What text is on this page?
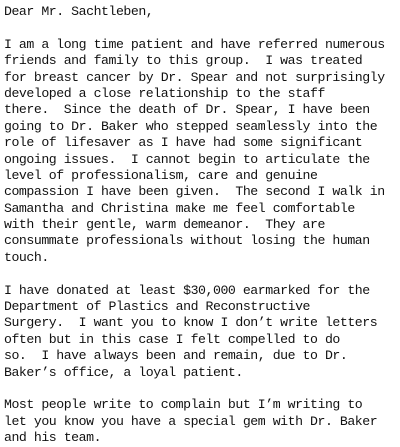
Dear Mr. Sachtleben,
I am a long time patient and have referred numerous
friends and family to this group.  I was treated
for breast cancer by Dr. Spear and not surprisingly
developed a close relationship to the staff
there.  Since the death of Dr. Spear, I have been
going to Dr. Baker who stepped seamlessly into the
role of lifesaver as I have had some significant
ongoing issues.  I cannot begin to articulate the
level of professionalism, care and genuine
compassion I have been given.  The second I walk in
Samantha and Christina make me feel comfortable
with their gentle, warm demeanor.  They are
consummate professionals without losing the human
touch.
I have donated at least $30,000 earmarked for the
Department of Plastics and Reconstructive
Surgery.  I want you to know I don’t write letters
often but in this case I felt compelled to do
so.  I have always been and remain, due to Dr.
Baker’s office, a loyal patient.
Most people write to complain but I’m writing to
let you know you have a special gem with Dr. Baker
and his team.
